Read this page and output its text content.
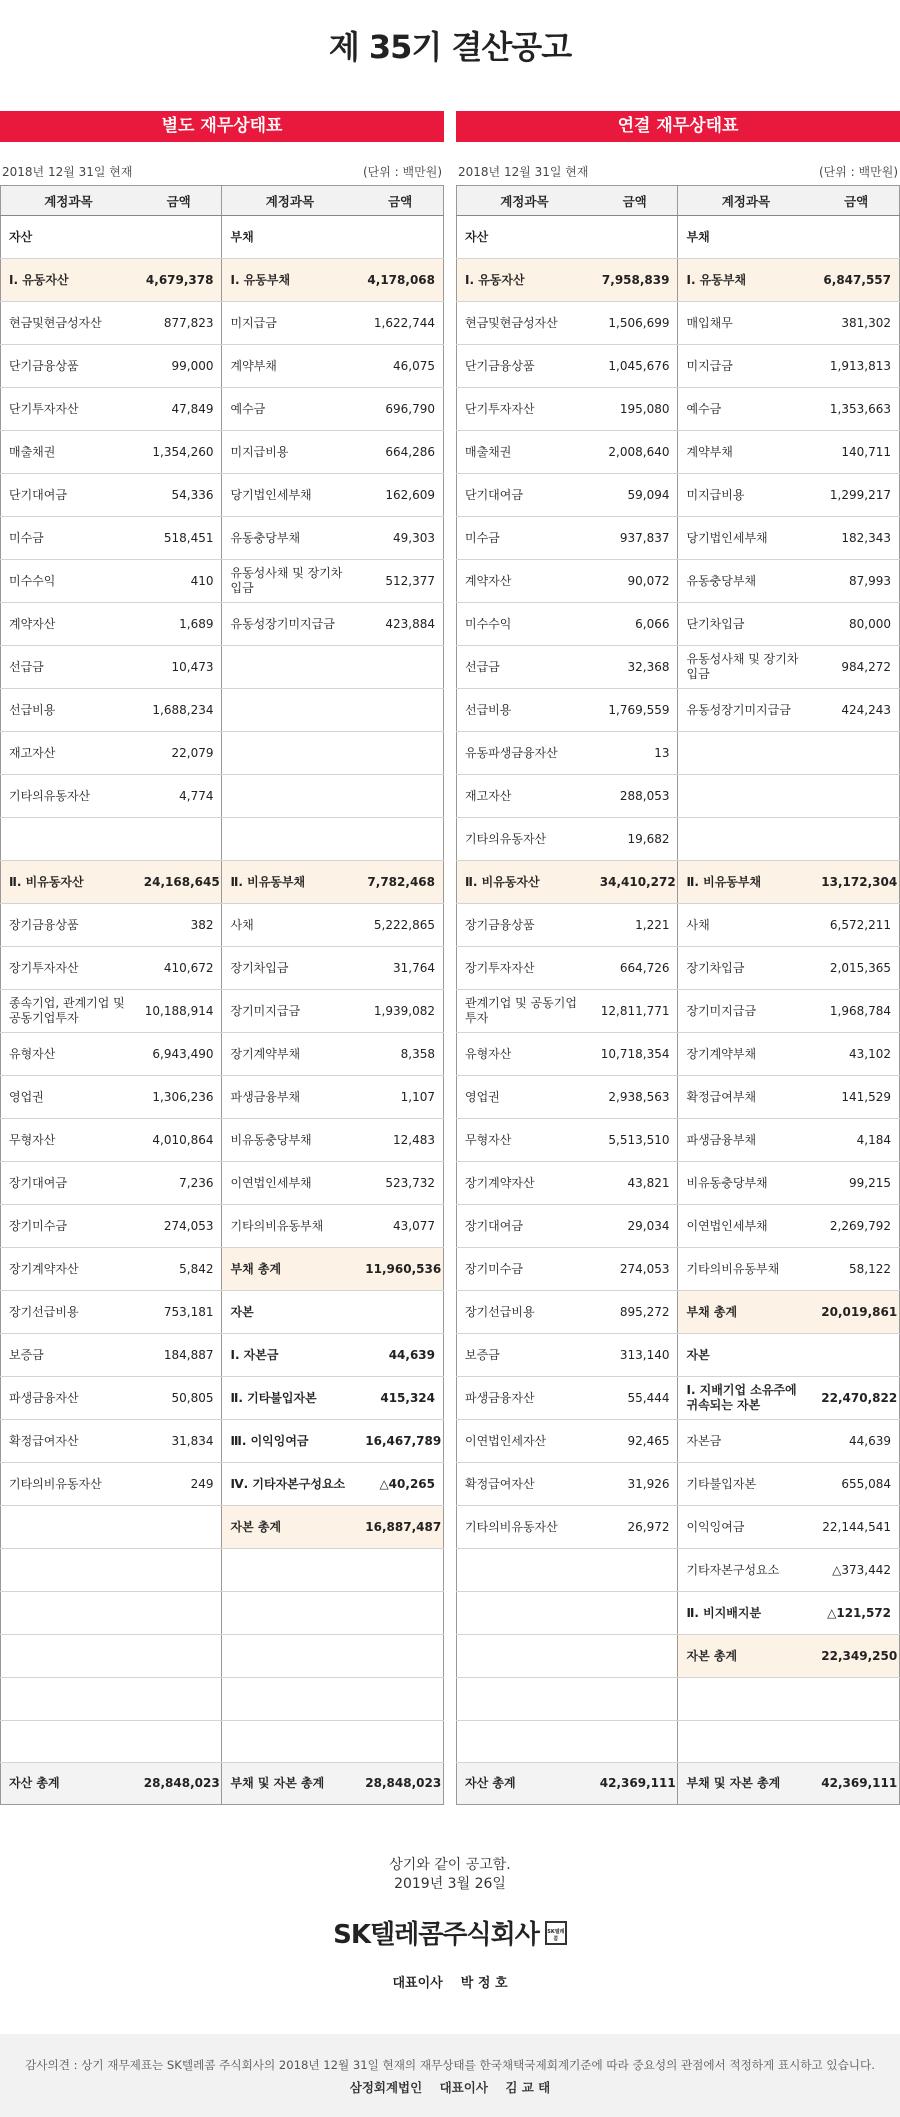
제 35기 결산공고
별도 재무상태표
2018년 12월 31일 현재	(단위 : 백만원)
계정과목	금액	계정과목	금액
자산		부채	
Ⅰ. 유동자산	4,679,378	Ⅰ. 유동부채	4,178,068
현금및현금성자산	877,823	미지급금	1,622,744
단기금융상품	99,000	계약부채	46,075
단기투자자산	47,849	예수금	696,790
매출채권	1,354,260	미지급비용	664,286
단기대여금	54,336	당기법인세부채	162,609
미수금	518,451	유동충당부채	49,303
미수수익	410	유동성사채 및 장기차입금	512,377
계약자산	1,689	유동성장기미지급금	423,884
선급금	10,473		
선급비용	1,688,234		
재고자산	22,079		
기타의유동자산	4,774		

Ⅱ. 비유동자산	24,168,645	Ⅱ. 비유동부채	7,782,468
장기금융상품	382	사채	5,222,865
장기투자자산	410,672	장기차입금	31,764
종속기업, 관계기업 및 공동기업투자	10,188,914	장기미지급금	1,939,082
유형자산	6,943,490	장기계약부채	8,358
영업권	1,306,236	파생금융부채	1,107
무형자산	4,010,864	비유동충당부채	12,483
장기대여금	7,236	이연법인세부채	523,732
장기미수금	274,053	기타의비유동부채	43,077
장기계약자산	5,842	부채 총계	11,960,536
장기선급비용	753,181	자본	
보증금	184,887	Ⅰ. 자본금	44,639
파생금융자산	50,805	Ⅱ. 기타불입자본	415,324
확정급여자산	31,834	Ⅲ. 이익잉여금	16,467,789
기타의비유동자산	249	Ⅳ. 기타자본구성요소	△40,265
		자본 총계	16,887,487

자산 총계	28,848,023	부채 및 자본 총계	28,848,023
연결 재무상태표
2018년 12월 31일 현재	(단위 : 백만원)
계정과목	금액	계정과목	금액
자산		부채	
Ⅰ. 유동자산	7,958,839	Ⅰ. 유동부채	6,847,557
현금및현금성자산	1,506,699	매입채무	381,302
단기금융상품	1,045,676	미지급금	1,913,813
단기투자자산	195,080	예수금	1,353,663
매출채권	2,008,640	계약부채	140,711
단기대여금	59,094	미지급비용	1,299,217
미수금	937,837	당기법인세부채	182,343
계약자산	90,072	유동충당부채	87,993
미수수익	6,066	단기차입금	80,000
선급금	32,368	유동성사채 및 장기차입금	984,272
선급비용	1,769,559	유동성장기미지급금	424,243
유동파생금융자산	13		
재고자산	288,053		
기타의유동자산	19,682		
Ⅱ. 비유동자산	34,410,272	Ⅱ. 비유동부채	13,172,304
장기금융상품	1,221	사채	6,572,211
장기투자자산	664,726	장기차입금	2,015,365
관계기업 및 공동기업투자	12,811,771	장기미지급금	1,968,784
유형자산	10,718,354	장기계약부채	43,102
영업권	2,938,563	확정급여부채	141,529
무형자산	5,513,510	파생금융부채	4,184
장기계약자산	43,821	비유동충당부채	99,215
장기대여금	29,034	이연법인세부채	2,269,792
장기미수금	274,053	기타의비유동부채	58,122
장기선급비용	895,272	부채 총계	20,019,861
보증금	313,140	자본	
파생금융자산	55,444	Ⅰ. 지배기업 소유주에 귀속되는 자본	22,470,822
이연법인세자산	92,465	자본금	44,639
확정급여자산	31,926	기타불입자본	655,084
기타의비유동자산	26,972	이익잉여금	22,144,541
		기타자본구성요소	△373,442
		Ⅱ. 비지배지분	△121,572
		자본 총계	22,349,250

자산 총계	42,369,111	부채 및 자본 총계	42,369,111
상기와 같이 공고함.
2019년 3월 26일
SK텔레콤주식회사 SK텔레콤
대표이사    박 정 호
감사의견 : 상기 재무제표는 SK텔레콤 주식회사의 2018년 12월 31일 현재의 재무상태를 한국채택국제회계기준에 따라 중요성의 관점에서 적정하게 표시하고 있습니다.
삼정회계법인    대표이사    김 교 태
